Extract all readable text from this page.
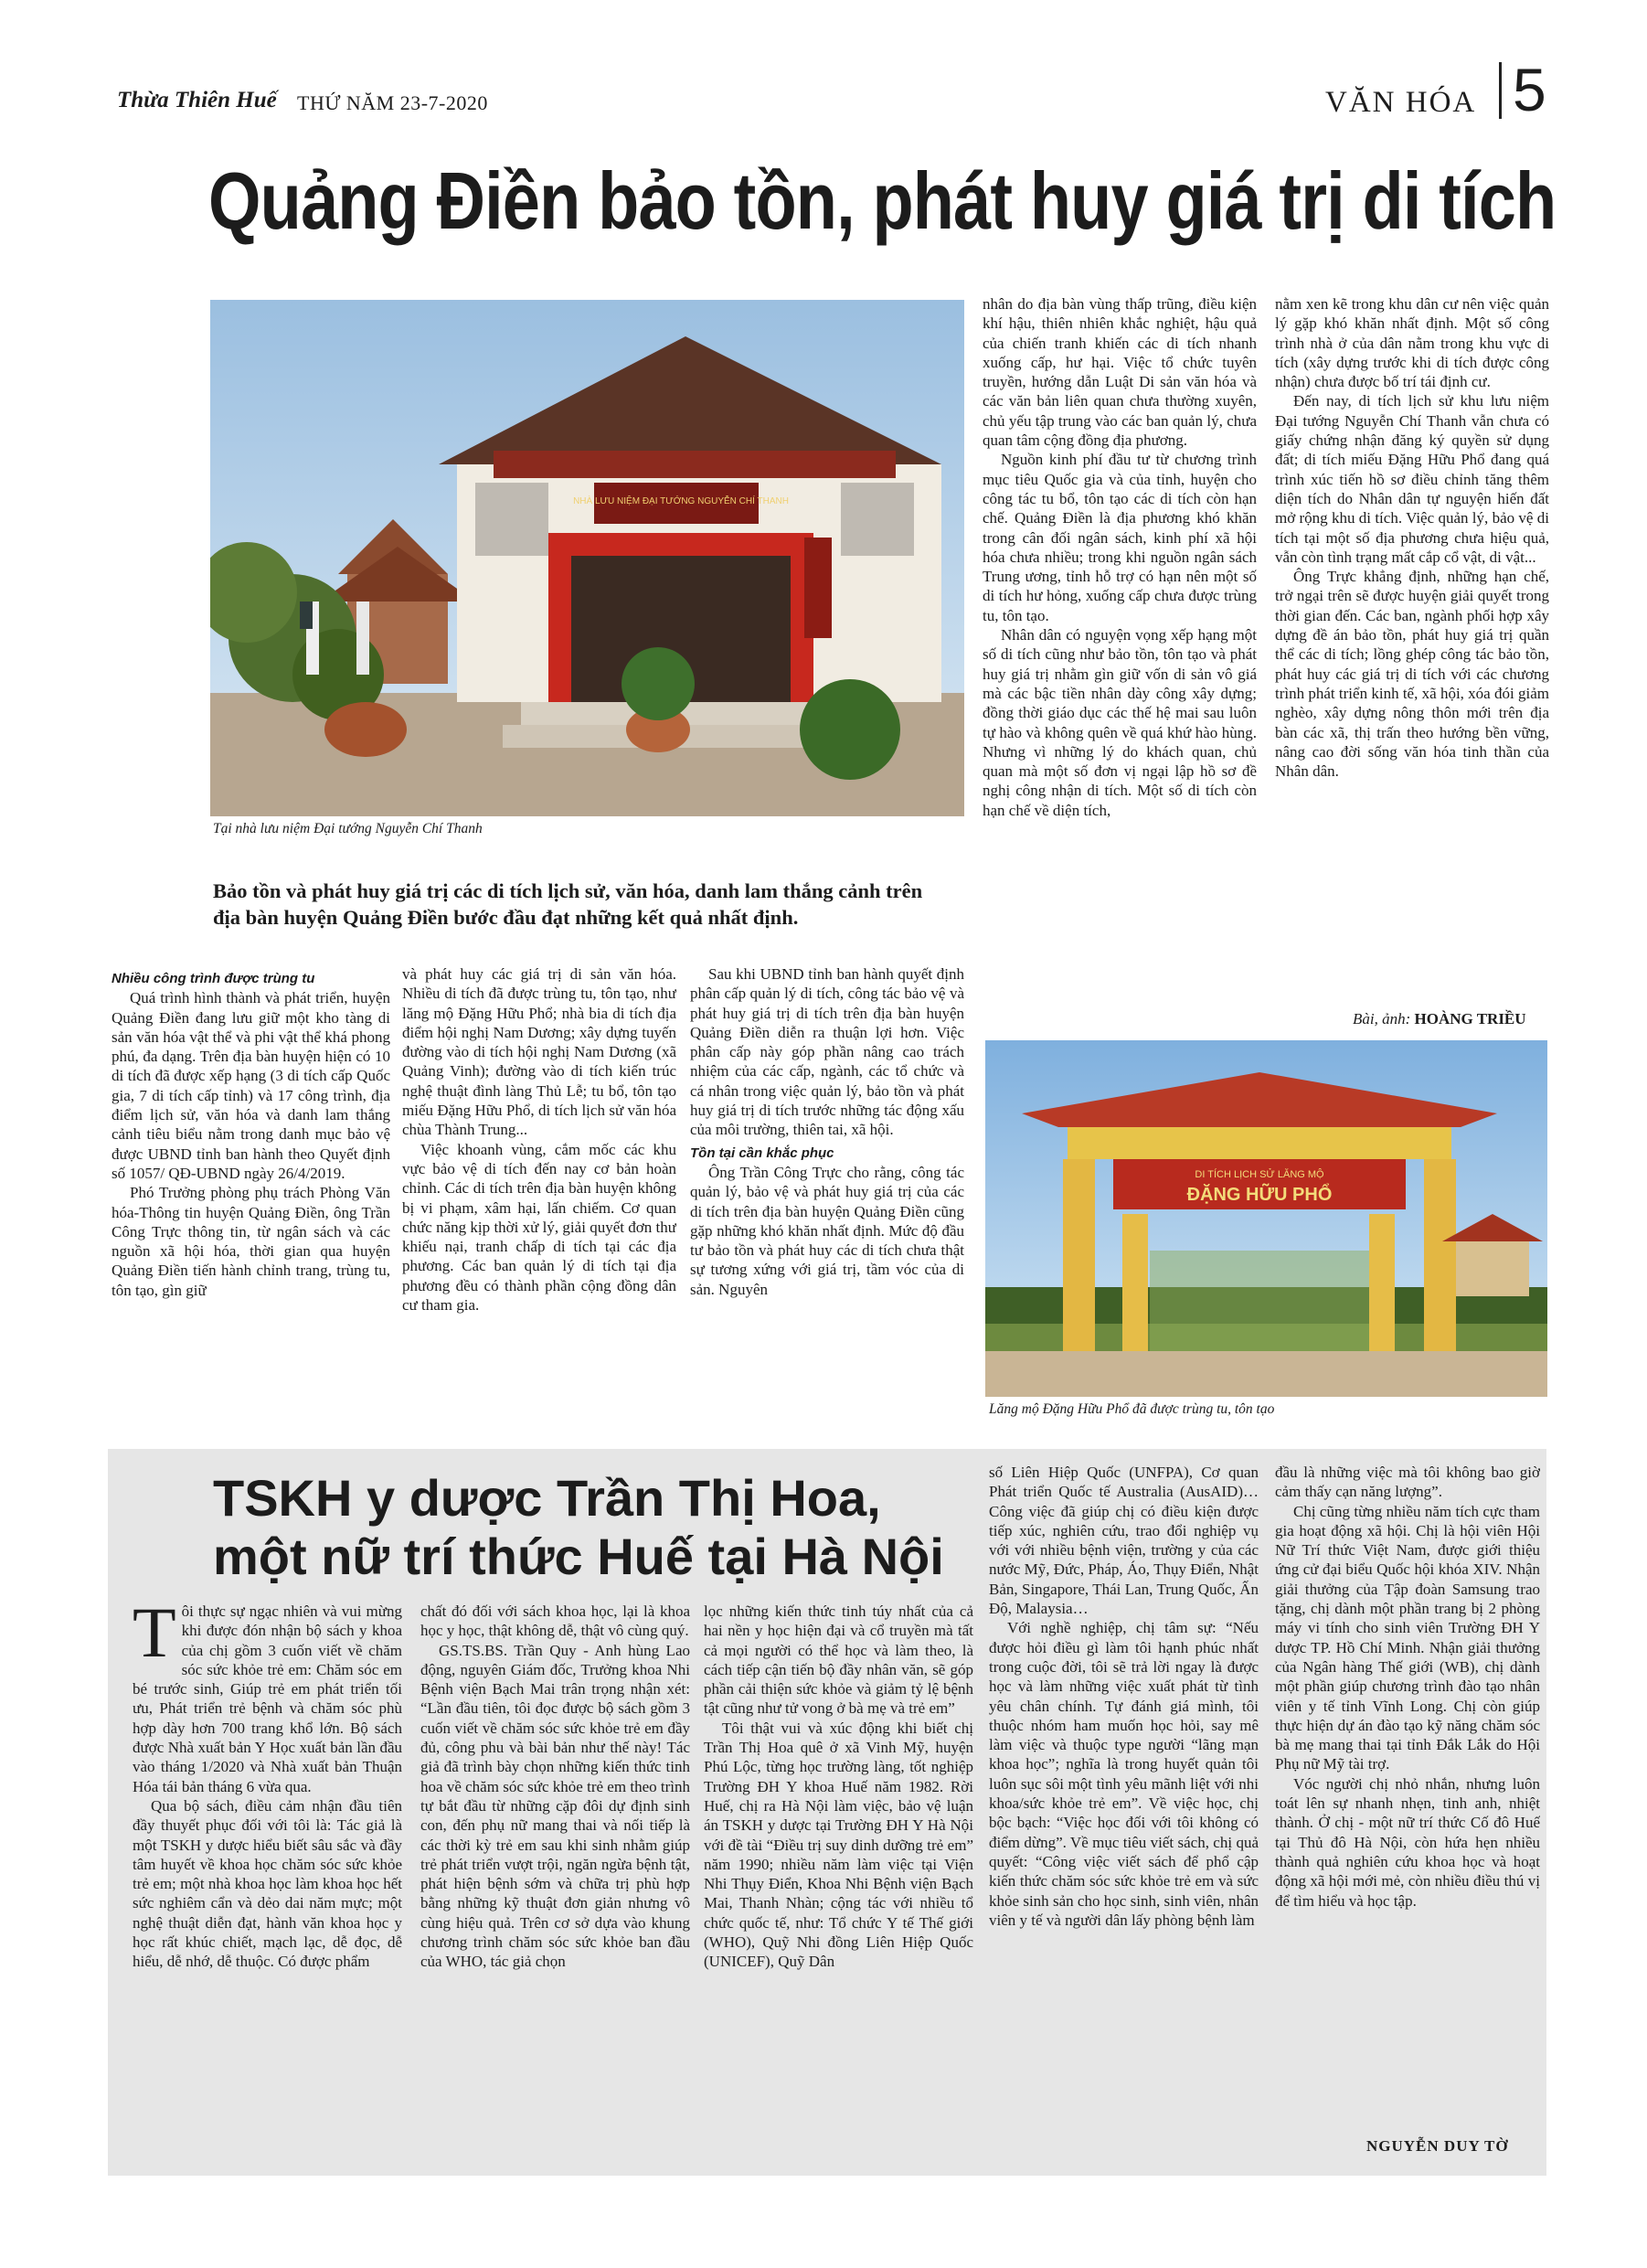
Thừa Thiên Huế THỨ NĂM 23-7-2020	VĂN HÓA 5
Quảng Điền bảo tồn, phát huy giá trị di tích
NHÀ LƯU NIỆM ĐẠI TƯỚNG NGUYỄN CHÍ THANH
Tại nhà lưu niệm Đại tướng Nguyễn Chí Thanh
Bảo tồn và phát huy giá trị các di tích lịch sử, văn hóa, danh lam thắng cảnh trên địa bàn huyện Quảng Điền bước đầu đạt những kết quả nhất định.

Nhiều công trình được trùng tu

Quá trình hình thành và phát triển, huyện Quảng Điền đang lưu giữ một kho tàng di sản văn hóa vật thể và phi vật thể khá phong phú, đa dạng. Trên địa bàn huyện hiện có 10 di tích đã được xếp hạng (3 di tích cấp Quốc gia, 7 di tích cấp tỉnh) và 17 công trình, địa điểm lịch sử, văn hóa và danh lam thắng cảnh tiêu biểu nằm trong danh mục bảo vệ được UBND tỉnh ban hành theo Quyết định số 1057/ QĐ-UBND ngày 26/4/2019.

Phó Trưởng phòng phụ trách Phòng Văn hóa-Thông tin huyện Quảng Điền, ông Trần Công Trực thông tin, từ ngân sách và các nguồn xã hội hóa, thời gian qua huyện Quảng Điền tiến hành chỉnh trang, trùng tu, tôn tạo, gìn giữ

và phát huy các giá trị di sản văn hóa. Nhiều di tích đã được trùng tu, tôn tạo, như lăng mộ Đặng Hữu Phổ; nhà bia di tích địa điểm hội nghị Nam Dương; xây dựng tuyến đường vào di tích hội nghị Nam Dương (xã Quảng Vinh); đường vào di tích kiến trúc nghệ thuật đình làng Thủ Lễ; tu bổ, tôn tạo miếu Đặng Hữu Phổ, di tích lịch sử văn hóa chùa Thành Trung...

Việc khoanh vùng, cắm mốc các khu vực bảo vệ di tích đến nay cơ bản hoàn chỉnh. Các di tích trên địa bàn huyện không bị vi phạm, xâm hại, lấn chiếm. Cơ quan chức năng kịp thời xử lý, giải quyết đơn thư khiếu nại, tranh chấp di tích tại các địa phương. Các ban quản lý di tích tại địa phương đều có thành phần cộng đồng dân cư tham gia.

Sau khi UBND tỉnh ban hành quyết định phân cấp quản lý di tích, công tác bảo vệ và phát huy giá trị di tích trên địa bàn huyện Quảng Điền diễn ra thuận lợi hơn. Việc phân cấp này góp phần nâng cao trách nhiệm của các cấp, ngành, các tổ chức và cá nhân trong việc quản lý, bảo tồn và phát huy giá trị di tích trước những tác động xấu của môi trường, thiên tai, xã hội.

Tồn tại cần khắc phục

Ông Trần Công Trực cho rằng, công tác quản lý, bảo vệ và phát huy giá trị của các di tích trên địa bàn huyện Quảng Điền cũng gặp những khó khăn nhất định. Mức độ đầu tư bảo tồn và phát huy các di tích chưa thật sự tương xứng với giá trị, tầm vóc của di sản. Nguyên

nhân do địa bàn vùng thấp trũng, điều kiện khí hậu, thiên nhiên khắc nghiệt, hậu quả của chiến tranh khiến các di tích nhanh xuống cấp, hư hại. Việc tổ chức tuyên truyền, hướng dẫn Luật Di sản văn hóa và các văn bản liên quan chưa thường xuyên, chủ yếu tập trung vào các ban quản lý, chưa quan tâm cộng đồng địa phương.

Nguồn kinh phí đầu tư từ chương trình mục tiêu Quốc gia và của tỉnh, huyện cho công tác tu bổ, tôn tạo các di tích còn hạn chế. Quảng Điền là địa phương khó khăn trong cân đối ngân sách, kinh phí xã hội hóa chưa nhiều; trong khi nguồn ngân sách Trung ương, tỉnh hỗ trợ có hạn nên một số di tích hư hỏng, xuống cấp chưa được trùng tu, tôn tạo.

Nhân dân có nguyện vọng xếp hạng một số di tích cũng như bảo tồn, tôn tạo và phát huy giá trị nhằm gìn giữ vốn di sản vô giá mà các bậc tiền nhân dày công xây dựng; đồng thời giáo dục các thế hệ mai sau luôn tự hào và không quên về quá khứ hào hùng. Nhưng vì những lý do khách quan, chủ quan mà một số đơn vị ngại lập hồ sơ đề nghị công nhận di tích. Một số di tích còn hạn chế về diện tích,

nằm xen kẽ trong khu dân cư nên việc quản lý gặp khó khăn nhất định. Một số công trình nhà ở của dân nằm trong khu vực di tích (xây dựng trước khi di tích được công nhận) chưa được bố trí tái định cư.

Đến nay, di tích lịch sử khu lưu niệm Đại tướng Nguyễn Chí Thanh vẫn chưa có giấy chứng nhận đăng ký quyền sử dụng đất; di tích miếu Đặng Hữu Phổ đang quá trình xúc tiến hồ sơ điều chỉnh tăng thêm diện tích do Nhân dân tự nguyện hiến đất mở rộng khu di tích. Việc quản lý, bảo vệ di tích tại một số địa phương chưa hiệu quả, vẫn còn tình trạng mất cắp cổ vật, di vật...

Ông Trực khẳng định, những hạn chế, trở ngại trên sẽ được huyện giải quyết trong thời gian đến. Các ban, ngành phối hợp xây dựng đề án bảo tồn, phát huy giá trị quần thể các di tích; lồng ghép công tác bảo tồn, phát huy các giá trị di tích với các chương trình phát triển kinh tế, xã hội, xóa đói giảm nghèo, xây dựng nông thôn mới trên địa bàn các xã, thị trấn theo hướng bền vững, nâng cao đời sống văn hóa tinh thần của Nhân dân.

Bài, ảnh: HOÀNG TRIỀU
DI TÍCH LỊCH SỬ LĂNG MỘ
ĐẶNG HỮU PHỔ
Lăng mộ Đặng Hữu Phổ đã được trùng tu, tôn tạo
TSKH y dược Trần Thị Hoa,
một nữ trí thức Huế tại Hà Nội
T ôi thực sự ngạc nhiên và vui mừng khi được đón nhận bộ sách y khoa của chị gồm 3 cuốn viết về chăm sóc sức khỏe trẻ em: Chăm sóc em bé trước sinh, Giúp trẻ em phát triển tối ưu, Phát triển trẻ bệnh và chăm sóc phù hợp dày hơn 700 trang khổ lớn. Bộ sách được Nhà xuất bản Y Học xuất bản lần đầu vào tháng 1/2020 và Nhà xuất bản Thuận Hóa tái bản tháng 6 vừa qua.

Qua bộ sách, điều cảm nhận đầu tiên đầy thuyết phục đối với tôi là: Tác giả là một TSKH y dược hiểu biết sâu sắc và đầy tâm huyết về khoa học chăm sóc sức khỏe trẻ em; một nhà khoa học làm khoa học hết sức nghiêm cẩn và dẻo dai năm mực; một nghệ thuật diễn đạt, hành văn khoa học y học rất khúc chiết, mạch lạc, dễ đọc, dễ hiểu, dễ nhớ, dễ thuộc. Có được phẩm

chất đó đối với sách khoa học, lại là khoa học y học, thật không dễ, thật vô cùng quý.

GS.TS.BS. Trần Quy - Anh hùng Lao động, nguyên Giám đốc, Trưởng khoa Nhi Bệnh viện Bạch Mai trân trọng nhận xét: “Lần đầu tiên, tôi đọc được bộ sách gồm 3 cuốn viết về chăm sóc sức khỏe trẻ em đầy đủ, công phu và bài bản như thế này! Tác giả đã trình bày chọn những kiến thức tinh hoa về chăm sóc sức khỏe trẻ em theo trình tự bắt đầu từ những cặp đôi dự định sinh con, đến phụ nữ mang thai và nối tiếp là các thời kỳ trẻ em sau khi sinh nhằm giúp trẻ phát triển vượt trội, ngăn ngừa bệnh tật, phát hiện bệnh sớm và chữa trị phù hợp bằng những kỹ thuật đơn giản nhưng vô cùng hiệu quả. Trên cơ sở dựa vào khung chương trình chăm sóc sức khỏe ban đầu của WHO, tác giả chọn

lọc những kiến thức tinh túy nhất của cả hai nền y học hiện đại và cổ truyền mà tất cả mọi người có thể học và làm theo, là cách tiếp cận tiến bộ đầy nhân văn, sẽ góp phần cải thiện sức khỏe và giảm tỷ lệ bệnh tật cũng như tử vong ở bà mẹ và trẻ em”

Tôi thật vui và xúc động khi biết chị Trần Thị Hoa quê ở xã Vinh Mỹ, huyện Phú Lộc, từng học trường làng, tốt nghiệp Trường ĐH Y khoa Huế năm 1982. Rời Huế, chị ra Hà Nội làm việc, bảo vệ luận án TSKH y dược tại Trường ĐH Y Hà Nội với đề tài “Điều trị suy dinh dưỡng trẻ em” năm 1990; nhiều năm làm việc tại Viện Nhi Thụy Điển, Khoa Nhi Bệnh viện Bạch Mai, Thanh Nhàn; cộng tác với nhiều tổ chức quốc tế, như: Tổ chức Y tế Thế giới (WHO), Quỹ Nhi đồng Liên Hiệp Quốc (UNICEF), Quỹ Dân

số Liên Hiệp Quốc (UNFPA), Cơ quan Phát triển Quốc tế Australia (AusAID)… Công việc đã giúp chị có điều kiện được tiếp xúc, nghiên cứu, trao đổi nghiệp vụ với với nhiều bệnh viện, trường y của các nước Mỹ, Đức, Pháp, Áo, Thụy Điển, Nhật Bản, Singapore, Thái Lan, Trung Quốc, Ấn Độ, Malaysia…

Với nghề nghiệp, chị tâm sự: “Nếu được hỏi điều gì làm tôi hạnh phúc nhất trong cuộc đời, tôi sẽ trả lời ngay là được học và làm những việc xuất phát từ tình yêu chân chính. Tự đánh giá mình, tôi thuộc nhóm ham muốn học hỏi, say mê làm việc và thuộc type người “lãng mạn khoa học”; nghĩa là trong huyết quản tôi luôn sục sôi một tình yêu mãnh liệt với nhi khoa/sức khỏe trẻ em”. Về việc học, chị bộc bạch: “Việc học đối với tôi không có điểm dừng”. Về mục tiêu viết sách, chị quả quyết: “Công việc viết sách để phổ cập kiến thức chăm sóc sức khỏe trẻ em và sức khỏe sinh sản cho học sinh, sinh viên, nhân viên y tế và người dân lấy phòng bệnh làm

đầu là những việc mà tôi không bao giờ cảm thấy cạn năng lượng”.

Chị cũng từng nhiều năm tích cực tham gia hoạt động xã hội. Chị là hội viên Hội Nữ Trí thức Việt Nam, được giới thiệu ứng cử đại biểu Quốc hội khóa XIV. Nhận giải thưởng của Tập đoàn Samsung trao tặng, chị dành một phần trang bị 2 phòng máy vi tính cho sinh viên Trường ĐH Y dược TP. Hồ Chí Minh. Nhận giải thưởng của Ngân hàng Thế giới (WB), chị dành một phần giúp chương trình đào tạo nhân viên y tế tỉnh Vĩnh Long. Chị còn giúp thực hiện dự án đào tạo kỹ năng chăm sóc bà mẹ mang thai tại tỉnh Đắk Lắk do Hội Phụ nữ Mỹ tài trợ.

Vóc người chị nhỏ nhắn, nhưng luôn toát lên sự nhanh nhẹn, tinh anh, nhiệt thành. Ở chị - một nữ trí thức Cố đô Huế tại Thủ đô Hà Nội, còn hứa hẹn nhiều thành quả nghiên cứu khoa học và hoạt động xã hội mới mẻ, còn nhiều điều thú vị để tìm hiểu và học tập.

NGUYỄN DUY TỜ
